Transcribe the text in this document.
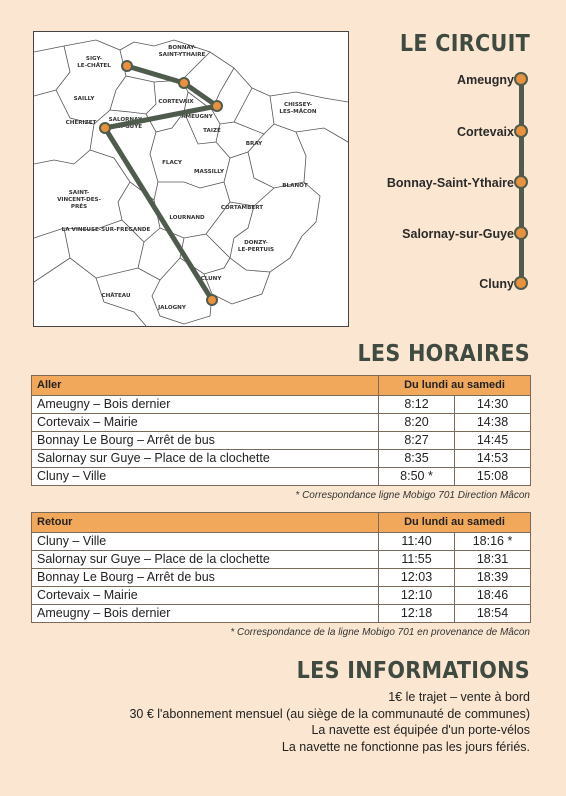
BONNAY-
SAINT-YTHAIRE
SIGY-
LE-CHÂTEL
CORTEVAIX	CHISSEY-
LES-MÂCON
SAILLY
AMEUGNY
CHERIZET SALORNAY-
SUR-GUYE
TAIZÉ
BRAY
FLACY
MASSILLY
BLANOT
SAINT-
VINCENT-DES-
PRÉS	CORTAMBERT
LOURNAND
LA VINEUSE-SUR-FREGANDE
DONZY-
LE-PERTUIS
CLUNY
CHÂTEAU
JALOGNY
LE CIRCUIT
Ameugny
Cortevaix
Bonnay-Saint-Ythaire
Salornay-sur-Guye
Cluny
LES HORAIRES
Aller	Du lundi au samedi	
Ameugny – Bois dernier	8:12	14:30
Cortevaix – Mairie	8:20	14:38
Bonnay Le Bourg – Arrêt de bus	8:27	14:45
Salornay sur Guye – Place de la clochette	8:35	14:53
Cluny – Ville	8:50 *	15:08
* Correspondance ligne Mobigo 701 Direction Mâcon
Retour	Du lundi au samedi	
Cluny – Ville	11:40	18:16 *
Salornay sur Guye – Place de la clochette	11:55	18:31
Bonnay Le Bourg – Arrêt de bus	12:03	18:39
Cortevaix – Mairie	12:10	18:46
Ameugny – Bois dernier	12:18	18:54
* Correspondance de la ligne Mobigo 701 en provenance de Mâcon
LES INFORMATIONS
1€ le trajet – vente à bord
30 € l'abonnement mensuel (au siège de la communauté de communes)
La navette est équipée d'un porte-vélos
La navette ne fonctionne pas les jours fériés.
